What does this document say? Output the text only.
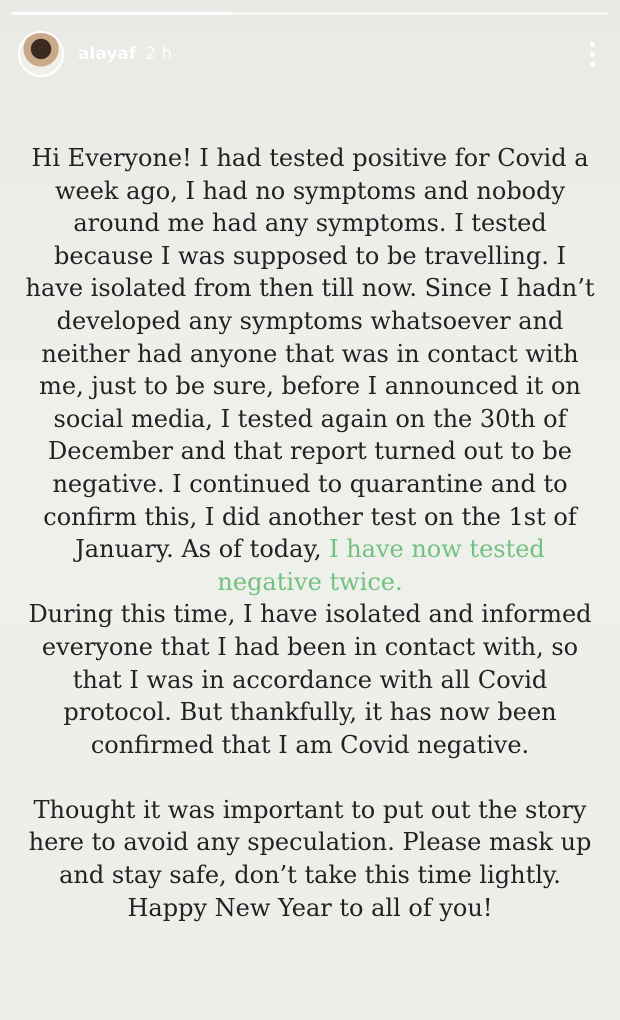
alayaf 2 h

Hi Everyone! I had tested positive for Covid a week ago, I had no symptoms and nobody around me had any symptoms. I tested because I was supposed to be travelling. I have isolated from then till now. Since I hadn’t developed any symptoms whatsoever and neither had anyone that was in contact with me, just to be sure, before I announced it on social media, I tested again on the 30th of December and that report turned out to be negative. I continued to quarantine and to confirm this, I did another test on the 1st of January. As of today, I have now tested negative twice.

During this time, I have isolated and informed everyone that I had been in contact with, so that I was in accordance with all Covid protocol. But thankfully, it has now been confirmed that I am Covid negative.

Thought it was important to put out the story here to avoid any speculation. Please mask up and stay safe, don’t take this time lightly. Happy New Year to all of you!
